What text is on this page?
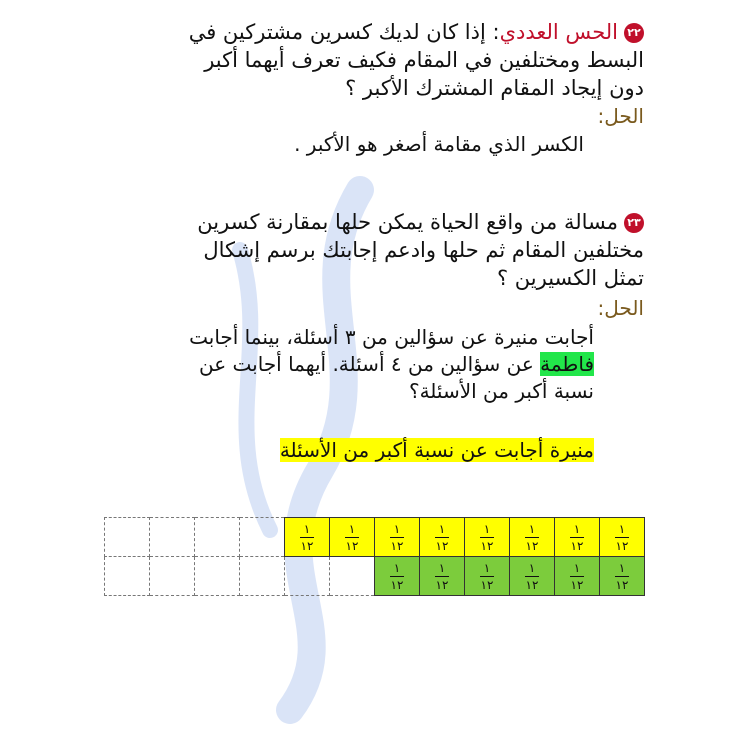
٢٢الحس العددي: إذا كان لديك كسرين مشتركين في
البسط ومختلفين في المقام فكيف تعرف أيهما أكبر
دون إيجاد المقام المشترك الأكبر ؟
الحل:
الكسر الذي مقامة أصغر هو الأكبر .
٢٣مسالة من واقع الحياة يمكن حلها بمقارنة كسرين
مختلفين المقام ثم حلها وادعم إجابتك برسم إشكال
تمثل الكسيرين ؟
الحل:
أجابت منيرة عن سؤالين من ٣ أسئلة، بينما أجابت
فاطمة عن سؤالين من ٤ أسئلة. أيهما أجابت عن
نسبة أكبر من الأسئلة؟
منيرة أجابت عن نسبة أكبر من الأسئلة

				$\frac{١}{١٢}$	$\frac{١}{١٢}$	$\frac{١}{١٢}$	$\frac{١}{١٢}$	$\frac{١}{١٢}$	$\frac{١}{١٢}$	$\frac{١}{١٢}$	$\frac{١}{١٢}$

						$\frac{١}{١٢}$	$\frac{١}{١٢}$	$\frac{١}{١٢}$	$\frac{١}{١٢}$	$\frac{١}{١٢}$	$\frac{١}{١٢}$
